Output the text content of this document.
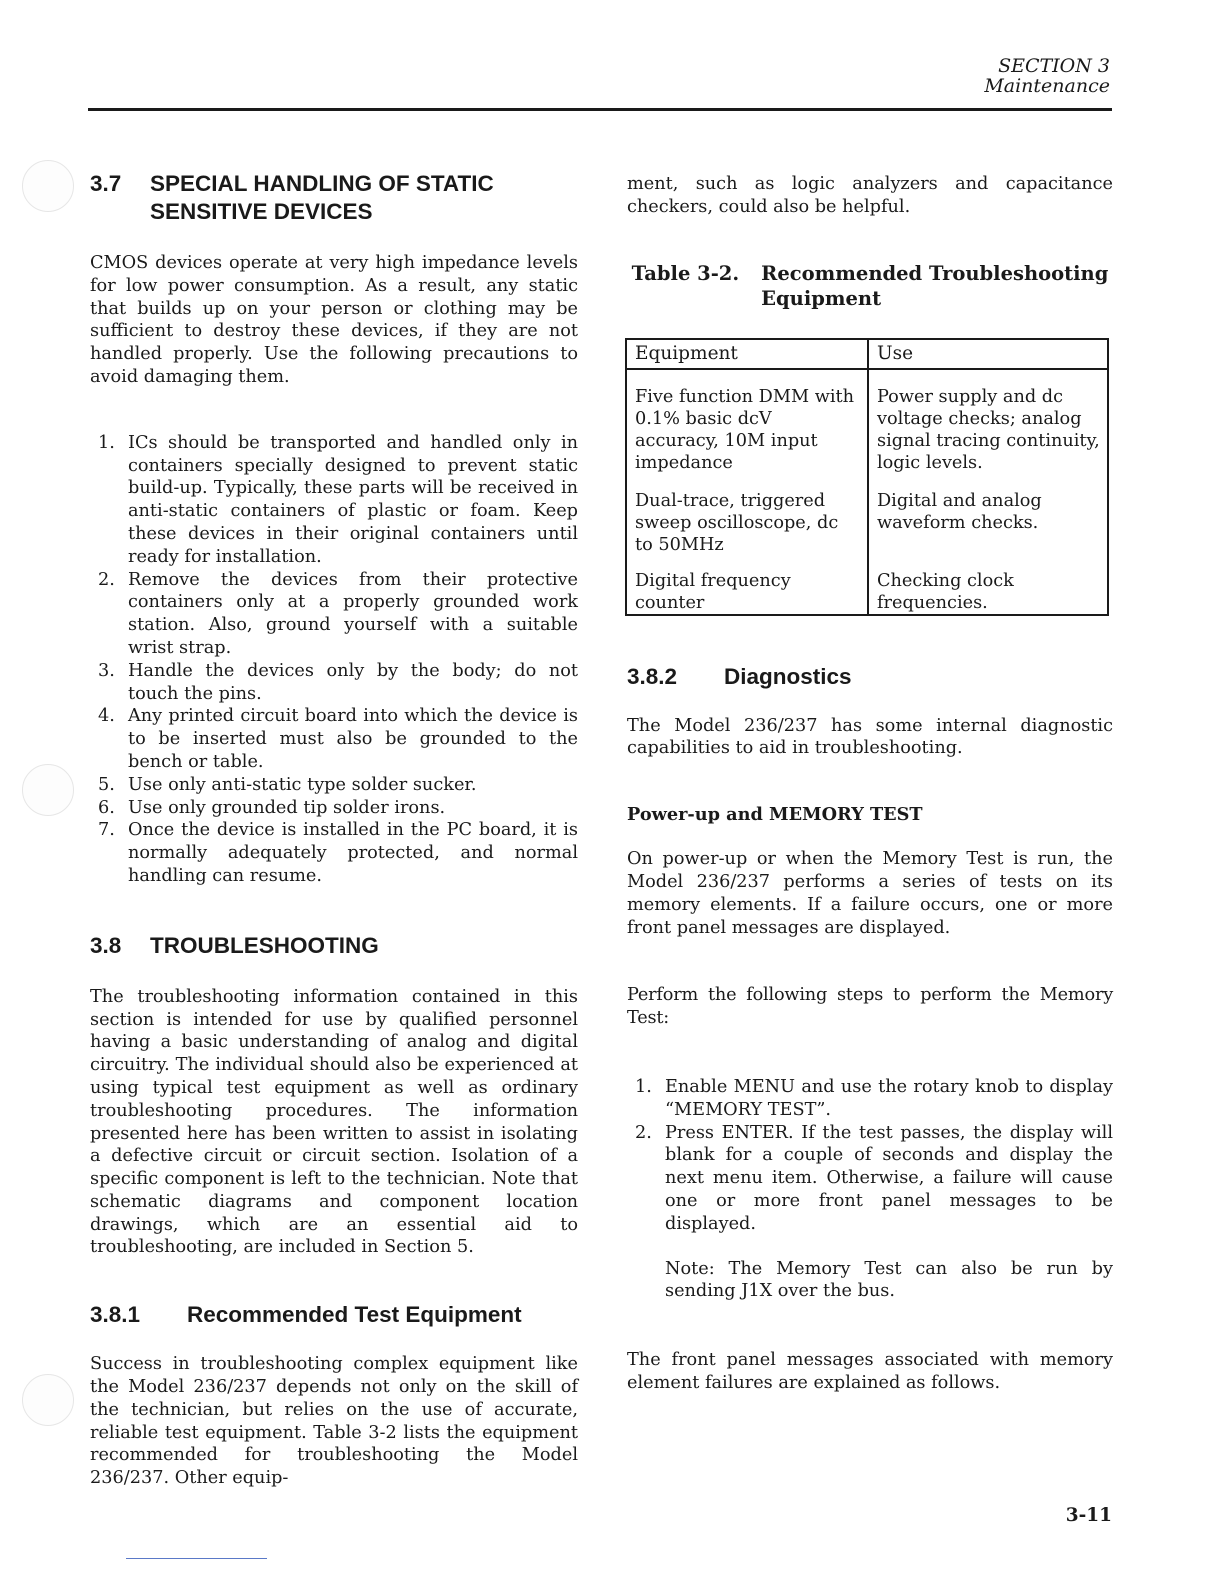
SECTION 3
Maintenance
3.7	SPECIAL HANDLING OF STATIC
SENSITIVE DEVICES

CMOS devices operate at very high impedance levels for low power consumption. As a result, any static that builds up on your person or clothing may be sufficient to destroy these devices, if they are not handled properly. Use the following precautions to avoid damaging them.

1. ICs should be transported and handled only in containers specially designed to prevent static build-up. Typically, these parts will be received in anti-static containers of plastic or foam. Keep these devices in their original containers until ready for installation.
2. Remove the devices from their protective containers only at a properly grounded work station. Also, ground yourself with a suitable wrist strap.
3. Handle the devices only by the body; do not touch the pins.
4. Any printed circuit board into which the device is to be inserted must also be grounded to the bench or table.
5. Use only anti-static type solder sucker.
6. Use only grounded tip solder irons.
7. Once the device is installed in the PC board, it is normally adequately protected, and normal handling can resume.
3.8	TROUBLESHOOTING

The troubleshooting information contained in this section is intended for use by qualified personnel having a basic understanding of analog and digital circuitry. The individual should also be experienced at using typical test equipment as well as ordinary troubleshooting procedures. The information presented here has been written to assist in isolating a defective circuit or circuit section. Isolation of a specific component is left to the technician. Note that schematic diagrams and component location drawings, which are an essential aid to troubleshooting, are included in Section 5.

3.8.1	Recommended Test Equipment

Success in troubleshooting complex equipment like the Model 236/237 depends not only on the skill of the technician, but relies on the use of accurate, reliable test equipment. Table 3-2 lists the equipment recommended for troubleshooting the Model 236/237. Other equip-

ment, such as logic analyzers and capacitance checkers, could also be helpful.

Table 3-2. Recommended Troubleshooting
Equipment
Equipment	Use
Five function DMM with 0.1% basic dcV accuracy, 10M input impedance	Power supply and dc voltage checks; analog signal tracing continuity, logic levels.
Dual-trace, triggered sweep oscilloscope, dc to 50MHz	Digital and analog waveform checks.
Digital frequency counter	Checking clock frequencies.
3.8.2	Diagnostics

The Model 236/237 has some internal diagnostic capabilities to aid in troubleshooting.

Power-up and MEMORY TEST

On power-up or when the Memory Test is run, the Model 236/237 performs a series of tests on its memory elements. If a failure occurs, one or more front panel messages are displayed.

Perform the following steps to perform the Memory Test:

1. Enable MENU and use the rotary knob to display “MEMORY TEST”.
2. Press ENTER. If the test passes, the display will blank for a couple of seconds and display the next menu item. Otherwise, a failure will cause one or more front panel messages to be displayed.

Note: The Memory Test can also be run by sending J1X over the bus.

The front panel messages associated with memory element failures are explained as follows.

3-11
